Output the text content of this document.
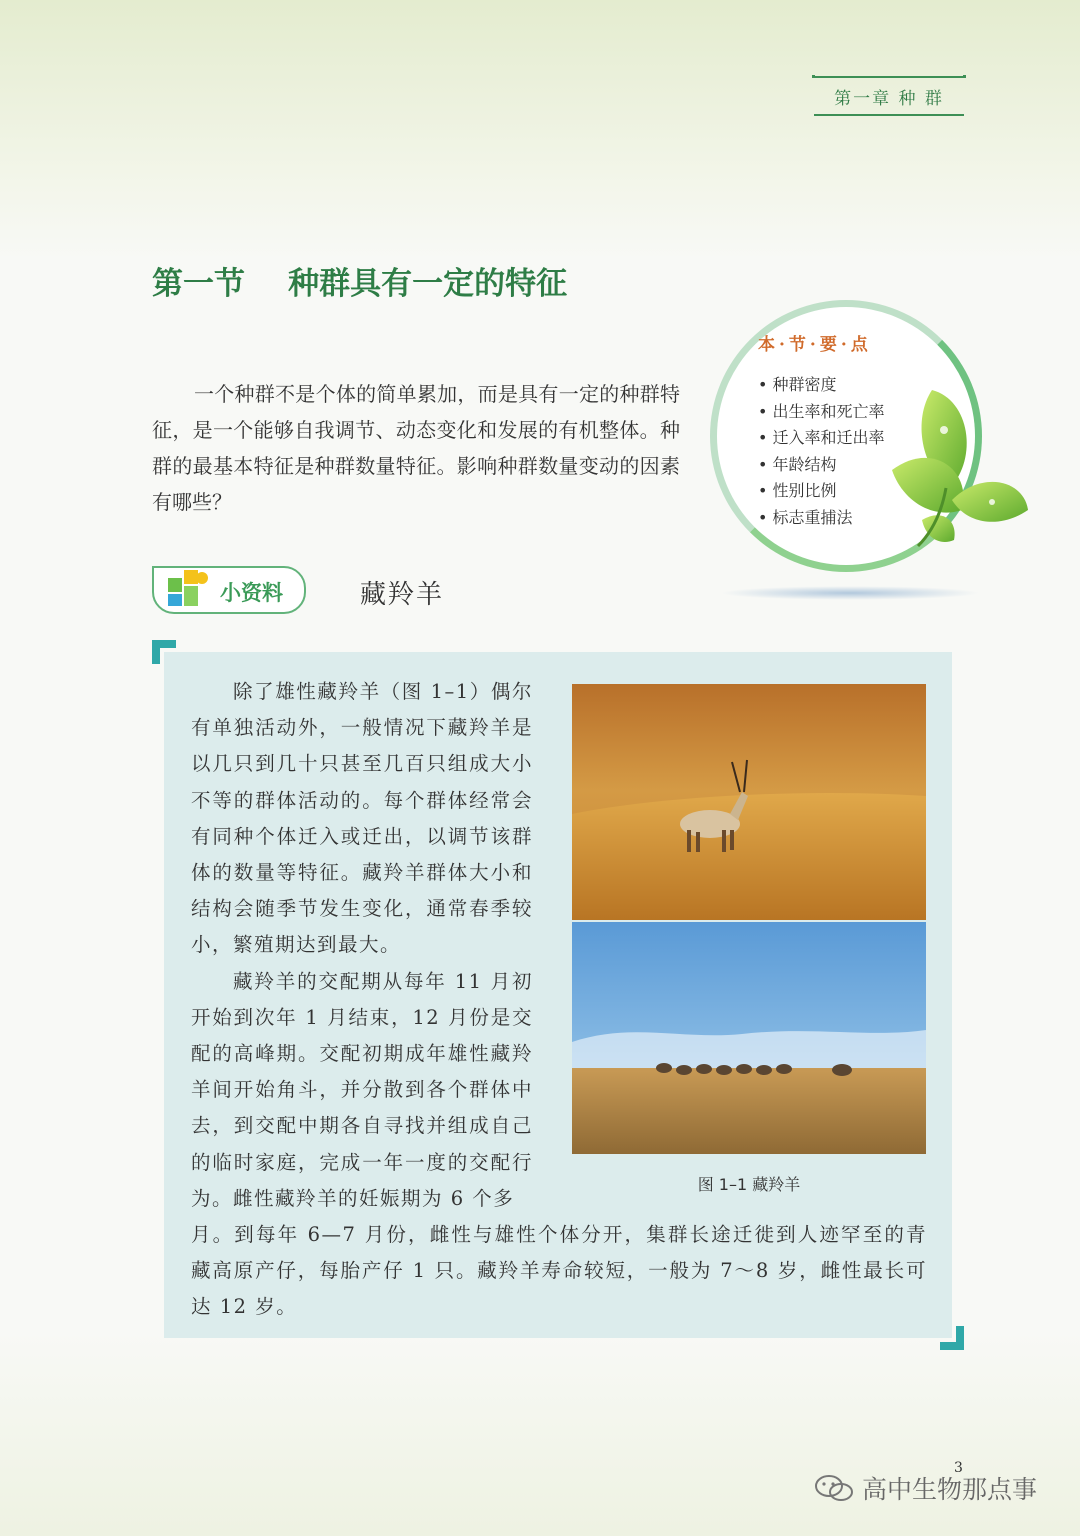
第一章 种 群
第一节    种群具有一定的特征

一个种群不是个体的简单累加，而是具有一定的种群特征，是一个能够自我调节、动态变化和发展的有机整体。种群的最基本特征是种群数量特征。影响种群数量变动的因素有哪些？

本·节·要·点
• 种群密度
• 出生率和死亡率
• 迁入率和迁出率
• 年龄结构
• 性别比例
• 标志重捕法
小资料	藏羚羊

除了雄性藏羚羊（图 1–1）偶尔有单独活动外，一般情况下藏羚羊是以几只到几十只甚至几百只组成大小不等的群体活动的。每个群体经常会有同种个体迁入或迁出，以调节该群体的数量等特征。藏羚羊群体大小和结构会随季节发生变化，通常春季较小，繁殖期达到最大。

藏羚羊的交配期从每年 11 月初开始到次年 1 月结束，12 月份是交配的高峰期。交配初期成年雄性藏羚羊间开始角斗，并分散到各个群体中去，到交配中期各自寻找并组成自己的临时家庭，完成一年一度的交配行为。雌性藏羚羊的妊娠期为 6 个多

月。到每年 6—7 月份，雌性与雄性个体分开，集群长途迁徙到人迹罕至的青藏高原产仔，每胎产仔 1 只。藏羚羊寿命较短，一般为 7～8 岁，雌性最长可达 12 岁。

图 1–1 藏羚羊
3
高中生物那点事
